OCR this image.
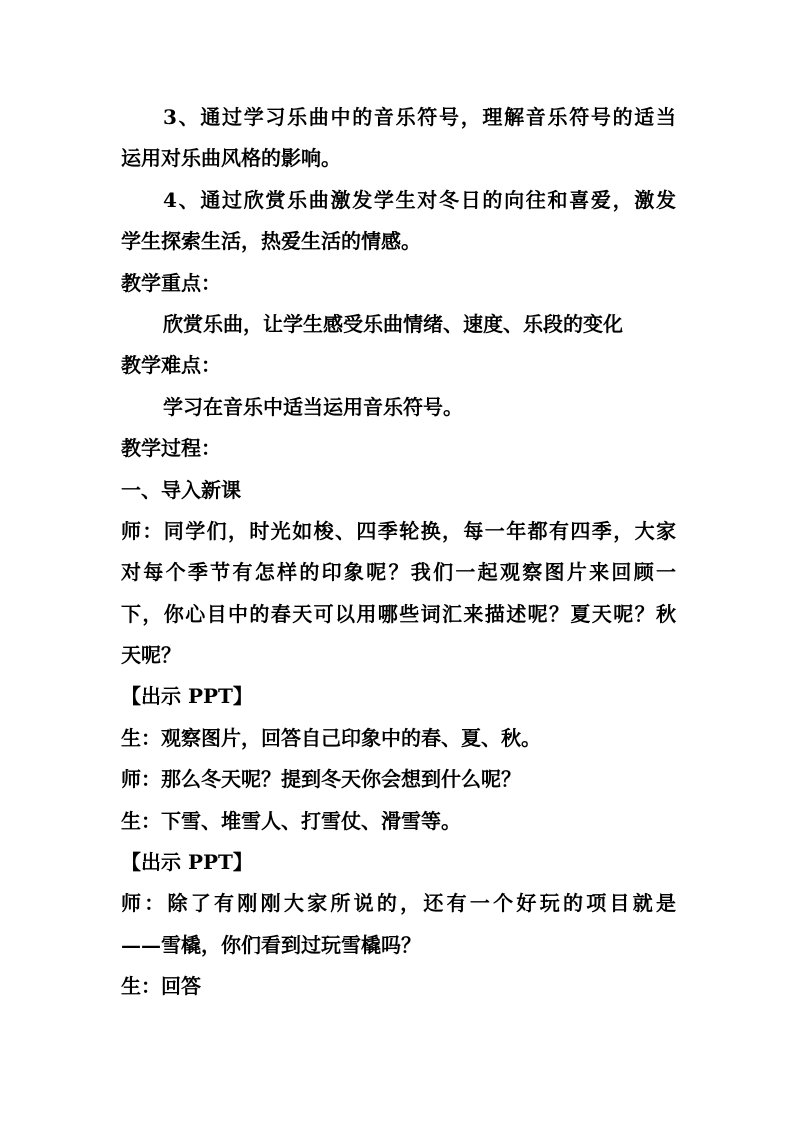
3、通过学习乐曲中的音乐符号，理解音乐符号的适当
运用对乐曲风格的影响。
4、通过欣赏乐曲激发学生对冬日的向往和喜爱，激发
学生探索生活，热爱生活的情感。
教学重点：
欣赏乐曲，让学生感受乐曲情绪、速度、乐段的变化
教学难点：
学习在音乐中适当运用音乐符号。
教学过程：
一、导入新课
师：同学们，时光如梭、四季轮换，每一年都有四季，大家
对每个季节有怎样的印象呢？我们一起观察图片来回顾一
下，你心目中的春天可以用哪些词汇来描述呢？夏天呢？秋
天呢？
【出示 PPT】
生：观察图片，回答自己印象中的春、夏、秋。
师：那么冬天呢？提到冬天你会想到什么呢？
生：下雪、堆雪人、打雪仗、滑雪等。
【出示 PPT】
师：除了有刚刚大家所说的，还有一个好玩的项目就是
——雪橇，你们看到过玩雪橇吗？
生：回答
